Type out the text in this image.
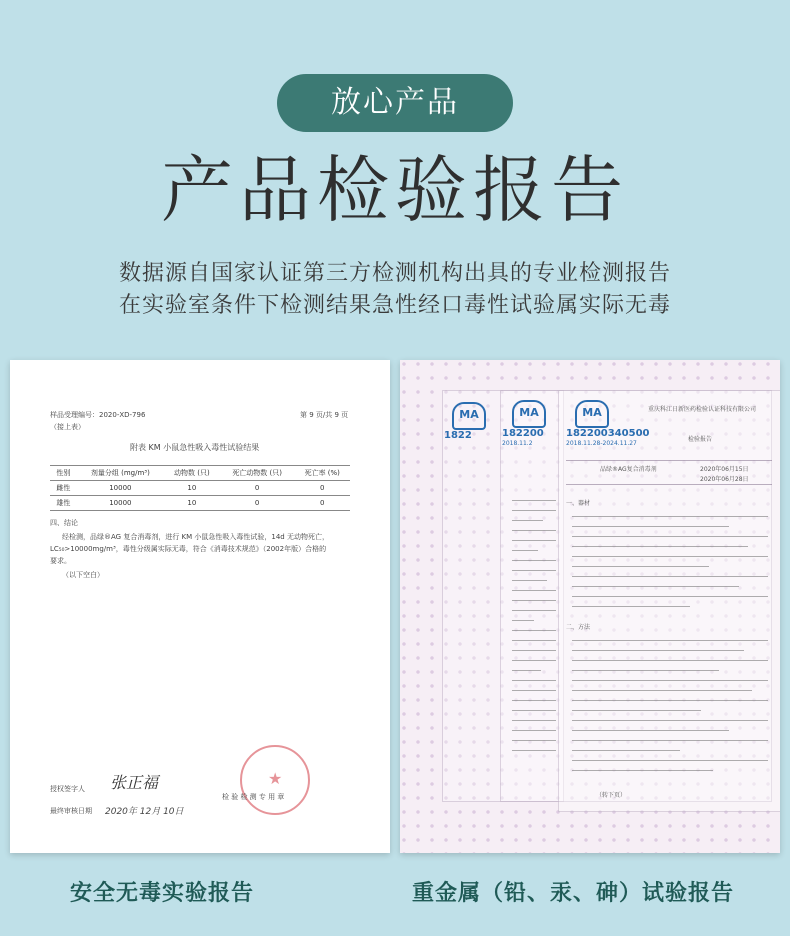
放心产品
产品检验报告
数据源自国家认证第三方检测机构出具的专业检测报告
在实验室条件下检测结果急性经口毒性试验属实际无毒
样品受理编号：2020-XD-796	第 9 页/共 9 页
（接上表）
附表 KM 小鼠急性吸入毒性试验结果
性别	剂量分组 (mg/m³)	动物数 (只)	死亡动物数 (只)	死亡率 (%)
雌性	10000	10	0	0
雄性	10000	10	0	0
四、结论
经检测，品绿®AG 复合消毒剂，进行 KM 小鼠急性吸入毒性试验，14d 无动物死亡，
LC₅₀>10000mg/m³，毒性分级属实际无毒，符合《消毒技术规范》（2002年版）合格的
要求。
（以下空白）
授权签字人 张正福
最终审核日期 2020年 12月 10日
★
检 验 检 测 专 用 章
MA
1822
MA
182200
2018.11.2
MA
182200340500
2018.11.28-2024.11.27
重庆科江日新医药检验认证科技有限公司
检验报告
品绿®AG复合消毒剂	2020年06月15日
2020年06月28日
一、器材
二、方法
（转下页）
安全无毒实验报告	重金属（铅、汞、砷）试验报告
